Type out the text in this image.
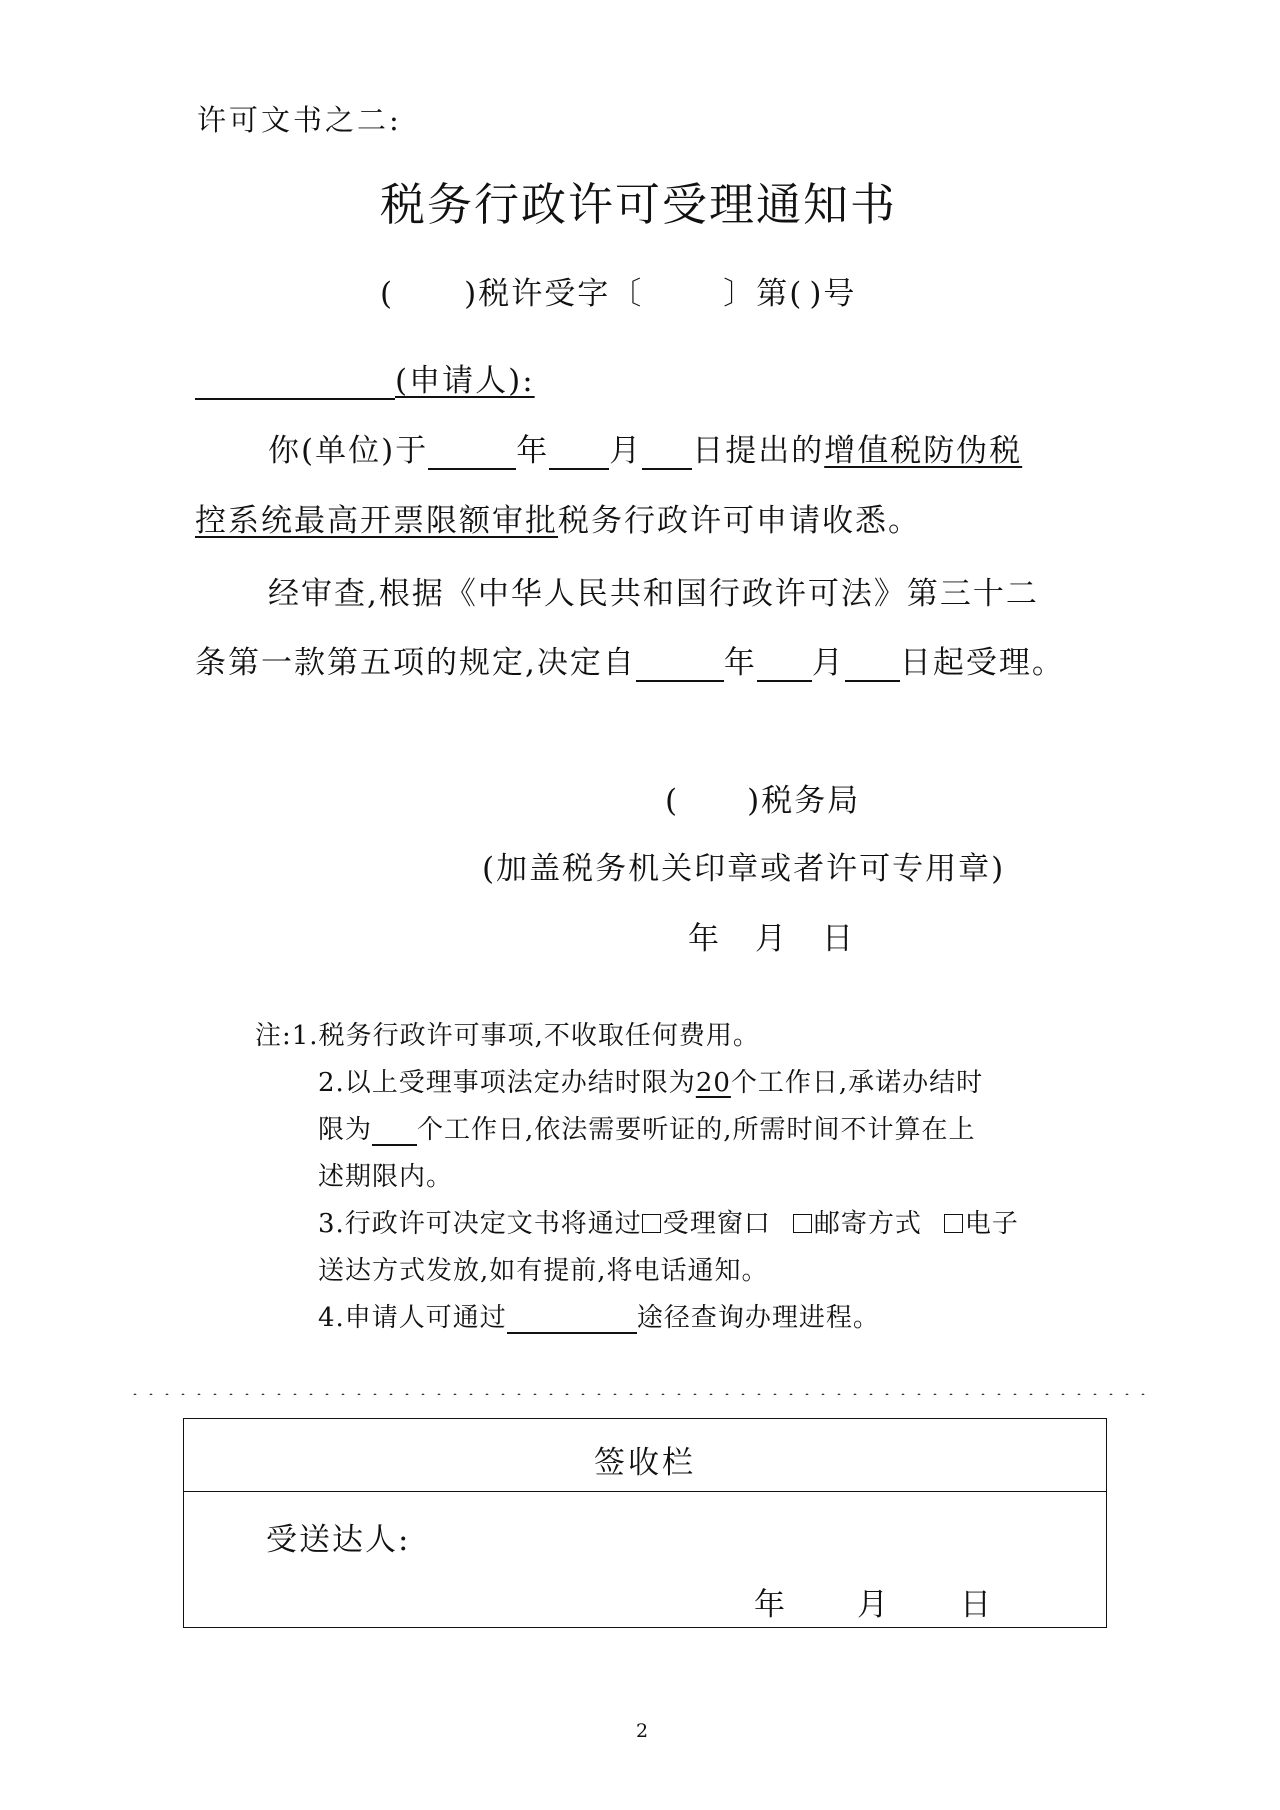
许可文书之二:
税务行政许可受理通知书
( )税许受字〔	〕第( )号
(申请人):
你(单位)于	年 月 日提出的增值税防伪税
控系统最高开票限额审批税务行政许可申请收悉。
经审查,根据《中华人民共和国行政许可法》第三十二
条第一款第五项的规定,决定自	年 月 日起受理。
( )税务局
(加盖税务机关印章或者许可专用章)
年 月 日
注:1.税务行政许可事项,不收取任何费用。
2.以上受理事项法定办结时限为20个工作日,承诺办结时
限为 个工作日,依法需要听证的,所需时间不计算在上
述期限内。
3.行政许可决定文书将通过 受理窗口 邮寄方式 电子
送达方式发放,如有提前,将电话通知。
4.申请人可通过	途径查询办理进程。
签收栏
受送达人:
年 月 日
2
